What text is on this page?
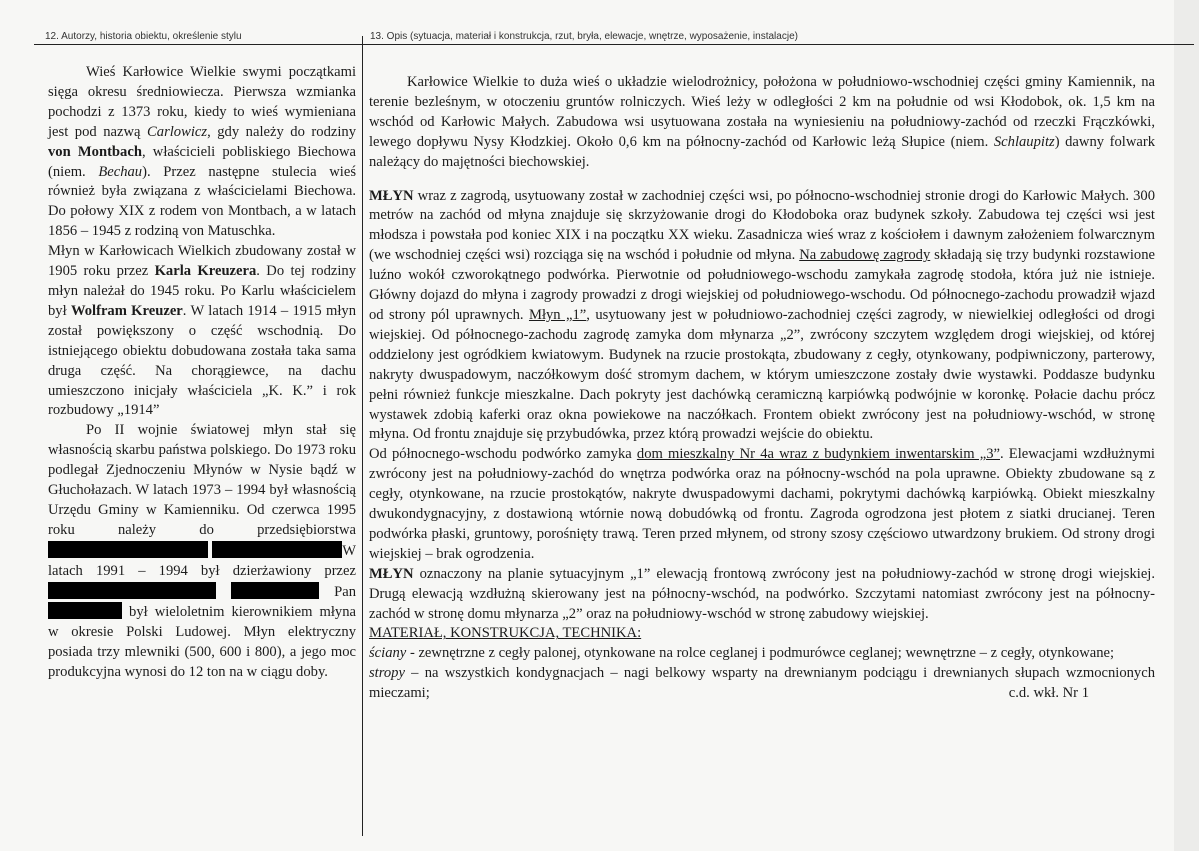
12. Autorzy, historia obiektu, określenie stylu	13. Opis (sytuacja, materiał i konstrukcja, rzut, bryła, elewacje, wnętrze, wyposażenie, instalacje)

Wieś Karłowice Wielkie swymi początkami sięga okresu średniowiecza. Pierwsza wzmianka pochodzi z 1373 roku, kiedy to wieś wymieniana jest pod nazwą Carlowicz, gdy należy do rodziny von Montbach, właścicieli pobliskiego Biechowa (niem. Bechau). Przez następne stulecia wieś również była związana z właścicielami Biechowa. Do połowy XIX z rodem von Montbach, a w latach 1856 – 1945 z rodziną von Matuschka.

Młyn w Karłowicach Wielkich zbudowany został w 1905 roku przez Karla Kreuzera. Do tej rodziny młyn należał do 1945 roku. Po Karlu właścicielem był Wolfram Kreuzer. W latach 1914 – 1915 młyn został powiększony o część wschodnią. Do istniejącego obiektu dobudowana została taka sama druga część. Na chorągiewce, na dachu umieszczono inicjały właściciela „K. K.” i rok rozbudowy „1914”

Po II wojnie światowej młyn stał się własnością skarbu państwa polskiego. Do 1973 roku podlegał Zjednoczeniu Młynów w Nysie bądź w Głuchołazach. W latach 1973 – 1994 był własnością Urzędu Gminy w Kamienniku. Od czerwca 1995 roku należy do przedsiębiorstwa  W latach 1991 – 1994 był dzierżawiony przez   Pan  był wieloletnim kierownikiem młyna w okresie Polski Ludowej. Młyn elektryczny posiada trzy mlewniki (500, 600 i 800), a jego moc produkcyjna wynosi do 12 ton na w ciągu doby.

Karłowice Wielkie to duża wieś o układzie wielodrożnicy, położona w południowo-wschodniej części gminy Kamiennik, na terenie bezleśnym, w otoczeniu gruntów rolniczych. Wieś leży w odległości 2 km na południe od wsi Kłodobok, ok. 1,5 km na wschód od Karłowic Małych. Zabudowa wsi usytuowana została na wyniesieniu na południowy-zachód od rzeczki Frączkówki, lewego dopływu Nysy Kłodzkiej. Około 0,6 km na północny-zachód od Karłowic leżą Słupice (niem. Schlaupitz) dawny folwark należący do majętności biechowskiej.

MŁYN wraz z zagrodą, usytuowany został w zachodniej części wsi, po północno-wschodniej stronie drogi do Karłowic Małych. 300 metrów na zachód od młyna znajduje się skrzyżowanie drogi do Kłodoboka oraz budynek szkoły. Zabudowa tej części wsi jest młodsza i powstała pod koniec XIX i na początku XX wieku. Zasadnicza wieś wraz z kościołem i dawnym założeniem folwarcznym (we wschodniej części wsi) rozciąga się na wschód i południe od młyna. Na zabudowę zagrody składają się trzy budynki rozstawione luźno wokół czworokątnego podwórka. Pierwotnie od południowego-wschodu zamykała zagrodę stodoła, która już nie istnieje. Główny dojazd do młyna i zagrody prowadzi z drogi wiejskiej od południowego-wschodu. Od północnego-zachodu prowadził wjazd od strony pól uprawnych. Młyn „1”, usytuowany jest w południowo-zachodniej części zagrody, w niewielkiej odległości od drogi wiejskiej. Od północnego-zachodu zagrodę zamyka dom młynarza „2”, zwrócony szczytem względem drogi wiejskiej, od której oddzielony jest ogródkiem kwiatowym. Budynek na rzucie prostokąta, zbudowany z cegły, otynkowany, podpiwniczony, parterowy, nakryty dwuspadowym, naczółkowym dość stromym dachem, w którym umieszczone zostały dwie wystawki. Poddasze budynku pełni również funkcje mieszkalne. Dach pokryty jest dachówką ceramiczną karpiówką podwójnie w koronkę. Połacie dachu prócz wystawek zdobią kaferki oraz okna powiekowe na naczółkach. Frontem obiekt zwrócony jest na południowy-wschód, w stronę młyna. Od frontu znajduje się przybudówka, przez którą prowadzi wejście do obiektu.

Od północnego-wschodu podwórko zamyka dom mieszkalny Nr 4a wraz z budynkiem inwentarskim „3”. Elewacjami wzdłużnymi zwrócony jest na południowy-zachód do wnętrza podwórka oraz na północny-wschód na pola uprawne. Obiekty zbudowane są z cegły, otynkowane, na rzucie prostokątów, nakryte dwuspadowymi dachami, pokrytymi dachówką karpiówką. Obiekt mieszkalny dwukondygnacyjny, z dostawioną wtórnie nową dobudówką od frontu. Zagroda ogrodzona jest płotem z siatki drucianej. Teren podwórka płaski, gruntowy, porośnięty trawą. Teren przed młynem, od strony szosy częściowo utwardzony brukiem. Od strony drogi wiejskiej – brak ogrodzenia.

MŁYN oznaczony na planie sytuacyjnym „1” elewacją frontową zwrócony jest na południowy-zachód w stronę drogi wiejskiej. Drugą elewacją wzdłużną skierowany jest na północny-wschód, na podwórko. Szczytami natomiast zwrócony jest na północny-zachód w stronę domu młynarza „2” oraz na południowy-wschód w stronę zabudowy wiejskiej.

MATERIAŁ, KONSTRUKCJA, TECHNIKA:

ściany - zewnętrzne z cegły palonej, otynkowane na rolce ceglanej i podmurówce ceglanej; wewnętrzne – z cegły, otynkowane;

stropy – na wszystkich kondygnacjach – nagi belkowy wsparty na drewnianym podciągu i drewnianych słupach wzmocnionych mieczami;	c.d. wkł. Nr 1
